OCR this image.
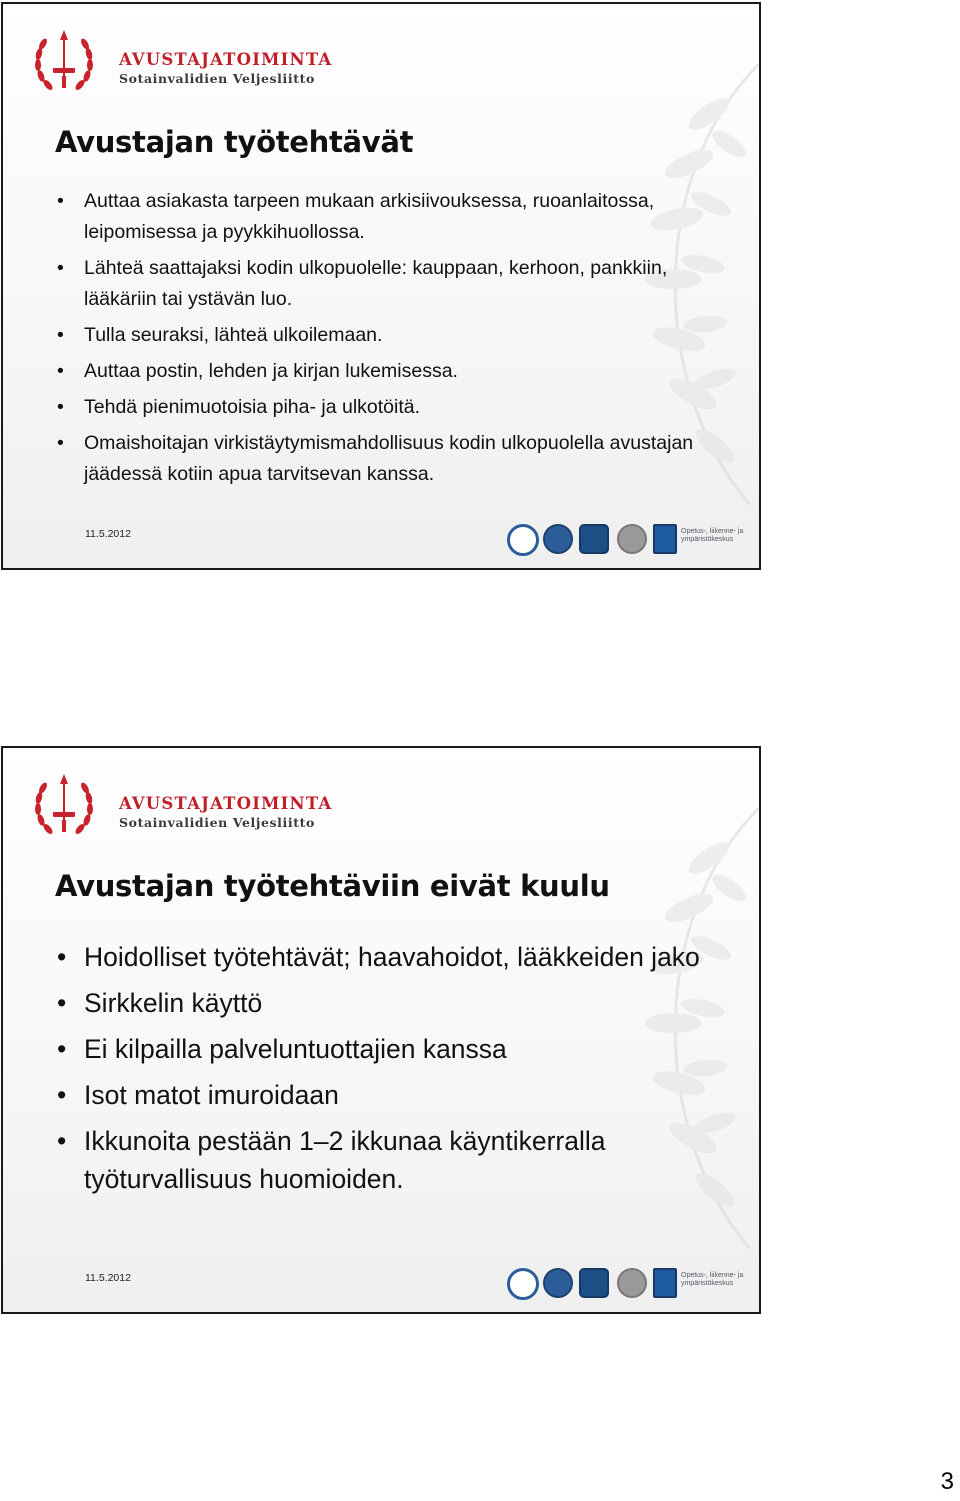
AVUSTAJATOIMINTA
Sotainvalidien Veljesliitto
Avustajan työtehtävät
• Auttaa asiakasta tarpeen mukaan arkisiivouksessa, ruoanlaitossa, leipomisessa ja pyykkihuollossa.
• Lähteä saattajaksi kodin ulkopuolelle: kauppaan, kerhoon, pankkiin, lääkäriin tai ystävän luo.
• Tulla seuraksi, lähteä ulkoilemaan.
• Auttaa postin, lehden ja kirjan lukemisessa.
• Tehdä pienimuotoisia piha- ja ulkotöitä.
• Omaishoitajan virkistäytymismahdollisuus kodin ulkopuolella avustajan jäädessä kotiin apua tarvitsevan kanssa.
11.5.2012	Opetus-, liikenne- ja
ympäristökeskus
AVUSTAJATOIMINTA
Sotainvalidien Veljesliitto
Avustajan työtehtäviin eivät kuulu
• Hoidolliset työtehtävät; haavahoidot, lääkkeiden jako
• Sirkkelin käyttö
• Ei kilpailla palveluntuottajien kanssa
• Isot matot imuroidaan
• Ikkunoita pestään 1–2 ikkunaa käyntikerralla työturvallisuus huomioiden.
11.5.2012	Opetus-, liikenne- ja
ympäristökeskus
3
